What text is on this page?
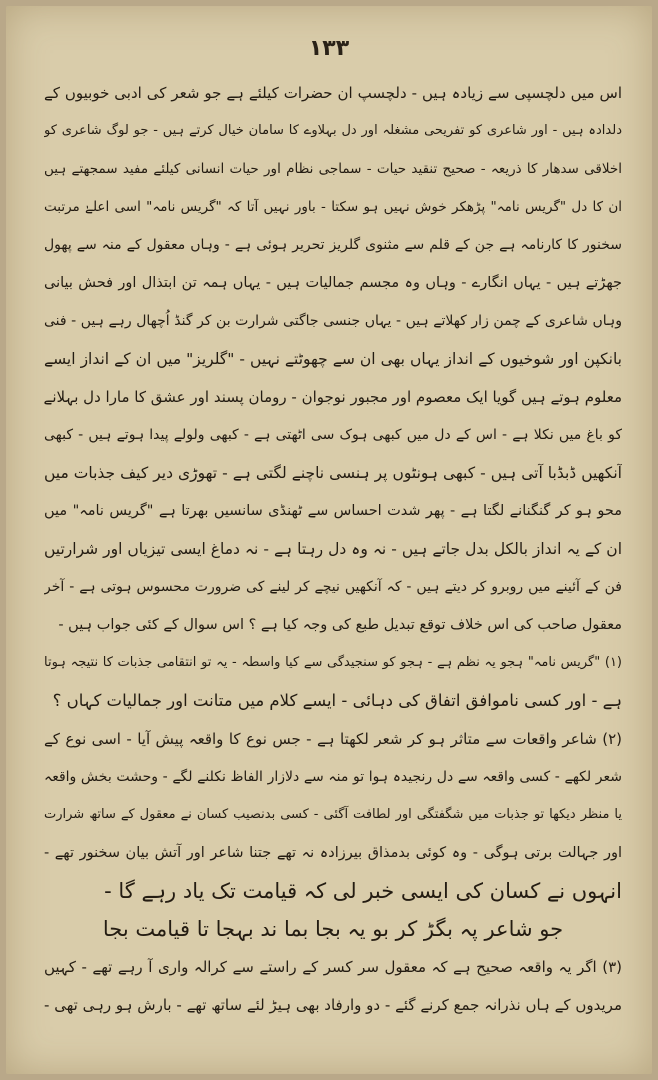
۱۳۳
اس میں دلچسپی سے زیادہ ہیں - دلچسپ ان حضرات کیلئے ہے جو شعر کی ادبی خوبیوں کے
دلدادہ ہیں - اور شاعری کو تفریحی مشغلہ اور دل بہلاوے کا سامان خیال کرتے ہیں - جو لوگ شاعری کو
اخلاقی سدھار کا ذریعہ - صحیح تنقید حیات - سماجی نظام اور حیات انسانی کیلئے مفید سمجھتے ہیں
ان کا دل "گریس نامہ" پڑھکر خوش نہیں ہو سکتا - باور نہیں آتا کہ "گریس نامہ" اسی اعلےٰ مرتبت
سخنور کا کارنامہ ہے جن کے قلم سے مثنوی گلریز تحریر ہوئی ہے - وہاں معقول کے منہ سے پھول
جھڑتے ہیں - یہاں انگارے - وہاں وہ مجسم جمالیات ہیں - یہاں ہمہ تن ابتذال اور فحش بیانی
وہاں شاعری کے چمن زار کھلاتے ہیں - یہاں جنسی جاگتی شرارت بن کر گنڈ اُچھال رہے ہیں - فنی
بانکپن اور شوخیوں کے انداز یہاں بھی ان سے چھوٹتے نہیں - "گلریز" میں ان کے انداز ایسے
معلوم ہوتے ہیں گویا ایک معصوم اور مجبور نوجوان - رومان پسند اور عشق کا مارا دل بہلانے
کو باغ میں نکلا ہے - اس کے دل میں کبھی ہوک سی اٹھتی ہے - کبھی ولولے پیدا ہوتے ہیں - کبھی
آنکھیں ڈبڈبا آتی ہیں - کبھی ہونٹوں پر ہنسی ناچنے لگتی ہے - تھوڑی دیر کیف جذبات میں
محو ہو کر گنگنانے لگتا ہے - پھر شدت احساس سے ٹھنڈی سانسیں بھرتا ہے "گریس نامہ" میں
ان کے یہ انداز بالکل بدل جاتے ہیں - نہ وہ دل رہتا ہے - نہ دماغ ایسی تیزیاں اور شرارتیں
فن کے آئینے میں روبرو کر دیتے ہیں - کہ آنکھیں نیچے کر لینے کی ضرورت محسوس ہوتی ہے - آخر
معقول صاحب کی اس خلاف توقع تبدیل طبع کی وجہ کیا ہے ؟ اس سوال کے کئی جواب ہیں -
(۱) "گریس نامہ" ہجو یہ نظم ہے - ہجو کو سنجیدگی سے کیا واسطہ - یہ تو انتقامی جذبات کا نتیجہ ہوتا
ہے - اور کسی ناموافق اتفاق کی دہائی - ایسے کلام میں متانت اور جمالیات کہاں ؟
(۲) شاعر واقعات سے متاثر ہو کر شعر لکھتا ہے - جس نوع کا واقعہ پیش آیا - اسی نوع کے
شعر لکھے - کسی واقعہ سے دل رنجیدہ ہوا تو منہ سے دلازار الفاظ نکلنے لگے - وحشت بخش واقعہ
یا منظر دیکھا تو جذبات میں شگفتگی اور لطافت آگئی - کسی بدنصیب کسان نے معقول کے ساتھ شرارت
اور جہالت برتی ہوگی - وہ کوئی بدمذاق بیرزادہ نہ تھے جتنا شاعر اور آتش بیان سخنور تھے -
انہوں نے کسان کی ایسی خبر لی کہ قیامت تک یاد رہے گا -
جو شاعر پہ بگڑ کر بو یہ بجا بما ند بہجا تا قیامت بجا
(۳) اگر یہ واقعہ صحیح ہے کہ معقول سر کسر کے راستے سے کرالہ واری آ رہے تھے - کہیں
مریدوں کے ہاں نذرانہ جمع کرنے گئے - دو وارفاد بھی ہیڑ لئے ساتھ تھے - بارش ہو رہی تھی -
